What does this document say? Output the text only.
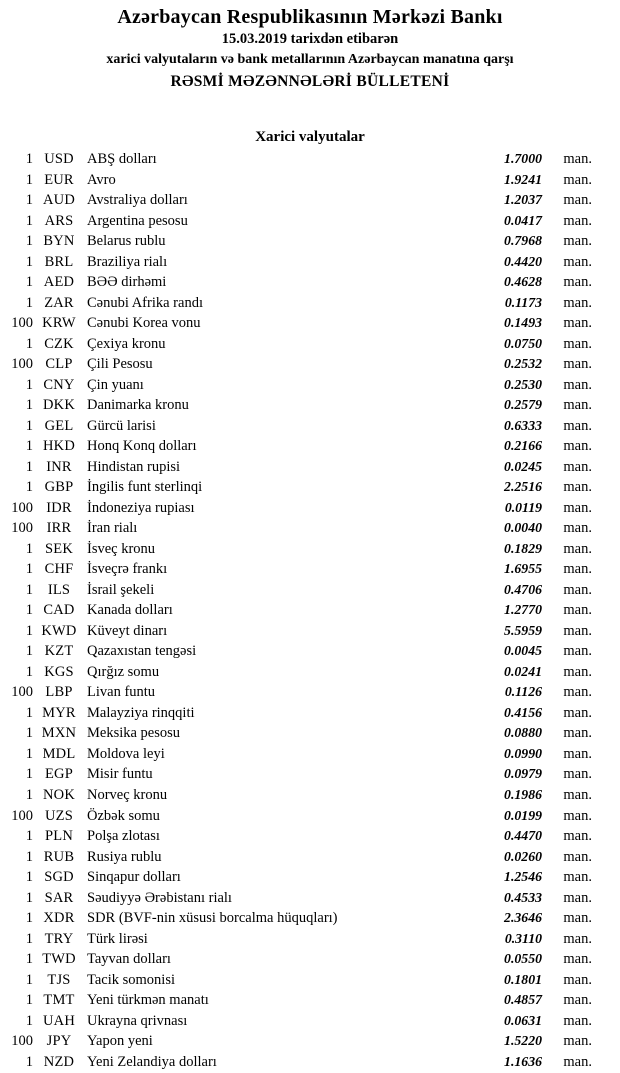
Azərbaycan Respublikasının Mərkəzi Bankı
15.03.2019 tarixdən etibarən
xarici valyutaların və bank metallarının Azərbaycan manatına qarşı
RƏSMİ MƏZƏNNƏLƏRİ BÜLLETENİ
Xarici valyutalar
1 USD ABŞ dolları	1.7000	man.
1 EUR Avro	1.9241	man.
1 AUD Avstraliya dolları	1.2037	man.
1 ARS Argentina pesosu	0.0417	man.
1 BYN Belarus rublu	0.7968	man.
1 BRL Braziliya rialı	0.4420	man.
1 AED BƏƏ dirhəmi	0.4628	man.
1 ZAR Cənubi Afrika randı	0.1173	man.
100 KRW Cənubi Korea vonu	0.1493	man.
1 CZK Çexiya kronu	0.0750	man.
100 CLP Çili Pesosu	0.2532	man.
1 CNY Çin yuanı	0.2530	man.
1 DKK Danimarka kronu	0.2579	man.
1 GEL Gürcü larisi	0.6333	man.
1 HKD Honq Konq dolları	0.2166	man.
1 INR	Hindistan rupisi	0.0245	man.
1 GBP İngilis funt sterlinqi	2.2516	man.
100 IDR	İndoneziya rupiası	0.0119	man.
100 IRR	İran rialı	0.0040	man.
1 SEK İsveç kronu	0.1829	man.
1 CHF İsveçrə frankı	1.6955	man.
1	ILS	İsrail şekeli	0.4706	man.
1 CAD Kanada dolları	1.2770	man.
1 KWD Küveyt dinarı	5.5959	man.
1 KZT Qazaxıstan tengəsi	0.0045	man.
1 KGS Qırğız somu	0.0241	man.
100 LBP Livan funtu	0.1126	man.
1 MYR Malayziya rinqqiti	0.4156	man.
1 MXN Meksika pesosu	0.0880	man.
1 MDL Moldova leyi	0.0990	man.
1 EGP Misir funtu	0.0979	man.
1 NOK Norveç kronu	0.1986	man.
100 UZS Özbək somu	0.0199	man.
1 PLN Polşa zlotası	0.4470	man.
1 RUB Rusiya rublu	0.0260	man.
1 SGD Sinqapur dolları	1.2546	man.
1 SAR Səudiyyə Ərəbistanı rialı	0.4533	man.
1 XDR SDR (BVF-nin xüsusi borcalma hüquqları)	2.3646	man.
1 TRY Türk lirəsi	0.3110	man.
1 TWD Tayvan dolları	0.0550	man.
1 TJS	Tacik somonisi	0.1801	man.
1 TMT Yeni türkmən manatı	0.4857	man.
1 UAH Ukrayna qrivnası	0.0631	man.
100 JPY	Yapon yeni	1.5220	man.
1 NZD Yeni Zelandiya dolları	1.1636	man.
